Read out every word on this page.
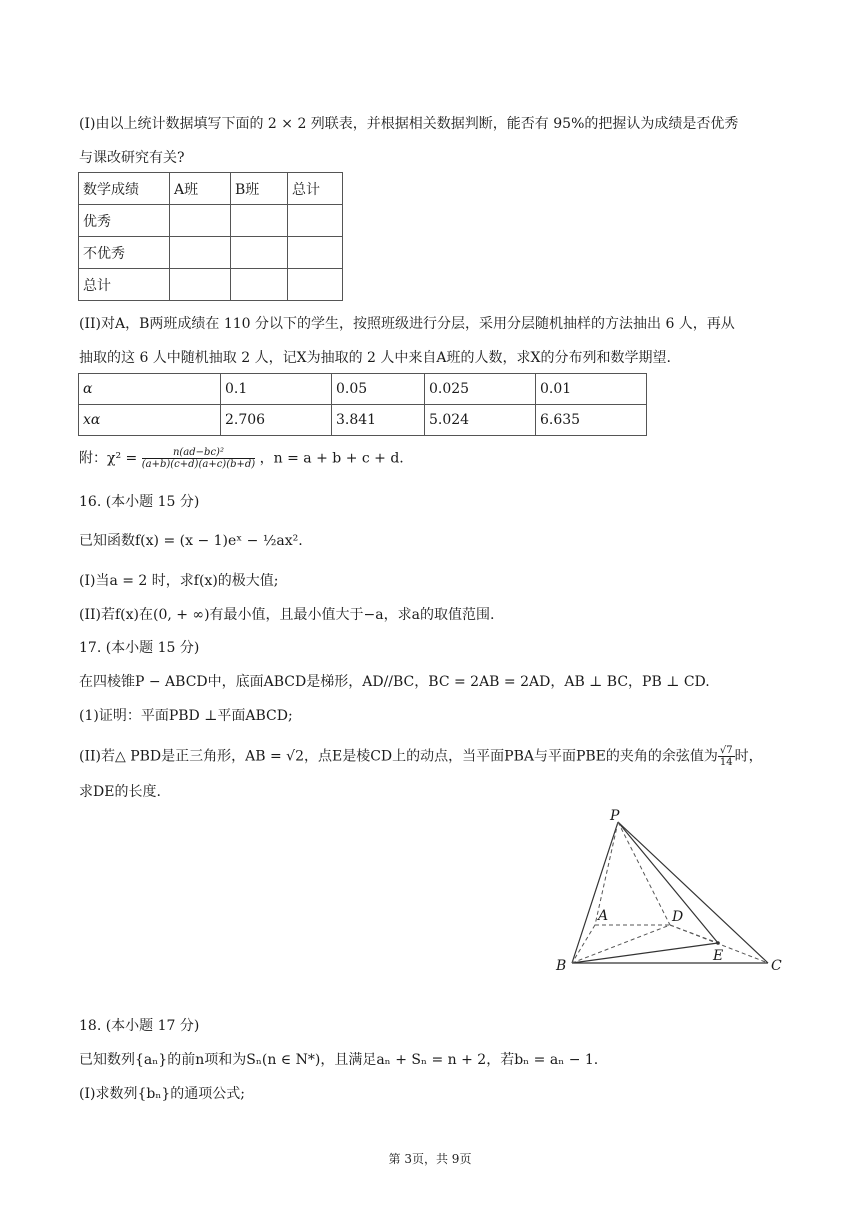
(I)由以上统计数据填写下面的 2 × 2 列联表，并根据相关数据判断，能否有 95%的把握认为成绩是否优秀
与课改研究有关?
数学成绩	A班	B班	总计
优秀			
不优秀			
总计			
(II)对A，B两班成绩在 110 分以下的学生，按照班级进行分层，采用分层随机抽样的方法抽出 6 人，再从
抽取的这 6 人中随机抽取 2 人，记X为抽取的 2 人中来自A班的人数，求X的分布列和数学期望.
α	0.1	0.05	0.025	0.01
xα	2.706	3.841	5.024	6.635
附：$\chi^2 = \frac{\text{n(ad−bc)²}}{(a+b)(c+d)(a+c)(b+d)}$ ，n = a + b + c + d.
16. (本小题 15 分)
已知函数f(x) = (x − 1)eˣ − ½ax².
(I)当a = 2 时，求f(x)的极大值;
(II)若f(x)在(0, + ∞)有最小值，且最小值大于−a，求a的取值范围.
17. (本小题 15 分)
在四棱锥P − ABCD中，底面ABCD是梯形，AD//BC，BC = 2AB = 2AD，AB ⊥ BC，PB ⊥ CD.
(1)证明：平面PBD ⊥平面ABCD;
(II)若△ PBD是正三角形，AB = √2，点E是棱CD上的动点，当平面PBA与平面PBE的夹角的余弦值为 $\frac{√7}{14}$ 时，
求DE的长度.
P
A	D
B
E
C
18. (本小题 17 分)
已知数列{aₙ}的前n项和为Sₙ(n ∈ N*)，且满足aₙ + Sₙ = n + 2，若bₙ = aₙ − 1.
(I)求数列{bₙ}的通项公式;
第 3页，共 9页
